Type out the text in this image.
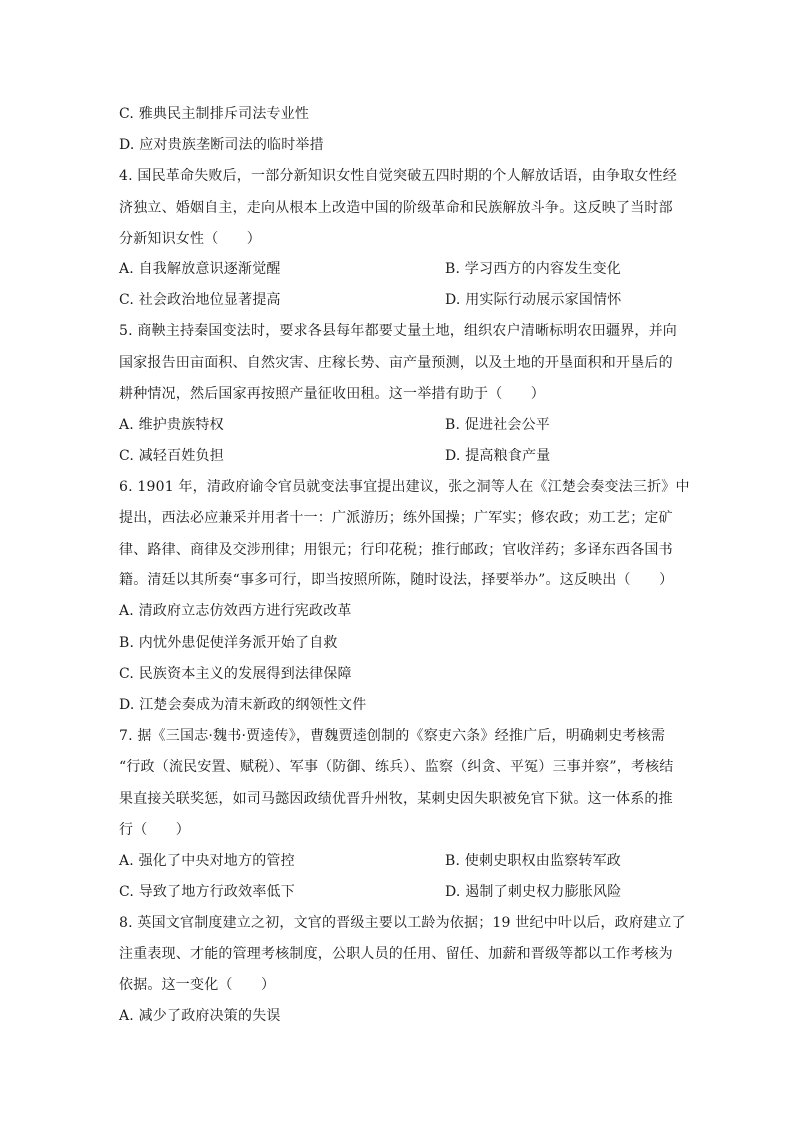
C. 雅典民主制排斥司法专业性
D. 应对贵族垄断司法的临时举措
4. 国民革命失败后，一部分新知识女性自觉突破五四时期的个人解放话语，由争取女性经
济独立、婚姻自主，走向从根本上改造中国的阶级革命和民族解放斗争。这反映了当时部
分新知识女性（　　）
A. 自我解放意识逐渐觉醒	B. 学习西方的内容发生变化
C. 社会政治地位显著提高	D. 用实际行动展示家国情怀
5. 商鞅主持秦国变法时，要求各县每年都要丈量土地，组织农户清晰标明农田疆界，并向
国家报告田亩面积、自然灾害、庄稼长势、亩产量预测，以及土地的开垦面积和开垦后的
耕种情况，然后国家再按照产量征收田租。这一举措有助于（　　）
A. 维护贵族特权	B. 促进社会公平
C. 减轻百姓负担	D. 提高粮食产量
6. 1901 年，清政府谕令官员就变法事宜提出建议，张之洞等人在《江楚会奏变法三折》中
提出，西法必应兼采并用者十一：广派游历；练外国操；广军实；修农政；劝工艺；定矿
律、路律、商律及交涉刑律；用银元；行印花税；推行邮政；官收洋药；多译东西各国书
籍。清廷以其所奏“事多可行，即当按照所陈，随时设法，择要举办”。这反映出（　　）
A. 清政府立志仿效西方进行宪政改革
B. 内忧外患促使洋务派开始了自救
C. 民族资本主义的发展得到法律保障
D. 江楚会奏成为清末新政的纲领性文件
7. 据《三国志·魏书·贾逵传》，曹魏贾逵创制的《察吏六条》经推广后，明确刺史考核需
“行政（流民安置、赋税）、军事（防御、练兵）、监察（纠贪、平冤）三事并察”，考核结
果直接关联奖惩，如司马懿因政绩优晋升州牧，某刺史因失职被免官下狱。这一体系的推
行（　　）
A. 强化了中央对地方的管控	B. 使刺史职权由监察转军政
C. 导致了地方行政效率低下	D. 遏制了刺史权力膨胀风险
8. 英国文官制度建立之初，文官的晋级主要以工龄为依据；19 世纪中叶以后，政府建立了
注重表现、才能的管理考核制度，公职人员的任用、留任、加薪和晋级等都以工作考核为
依据。这一变化（　　）
A. 减少了政府决策的失误
